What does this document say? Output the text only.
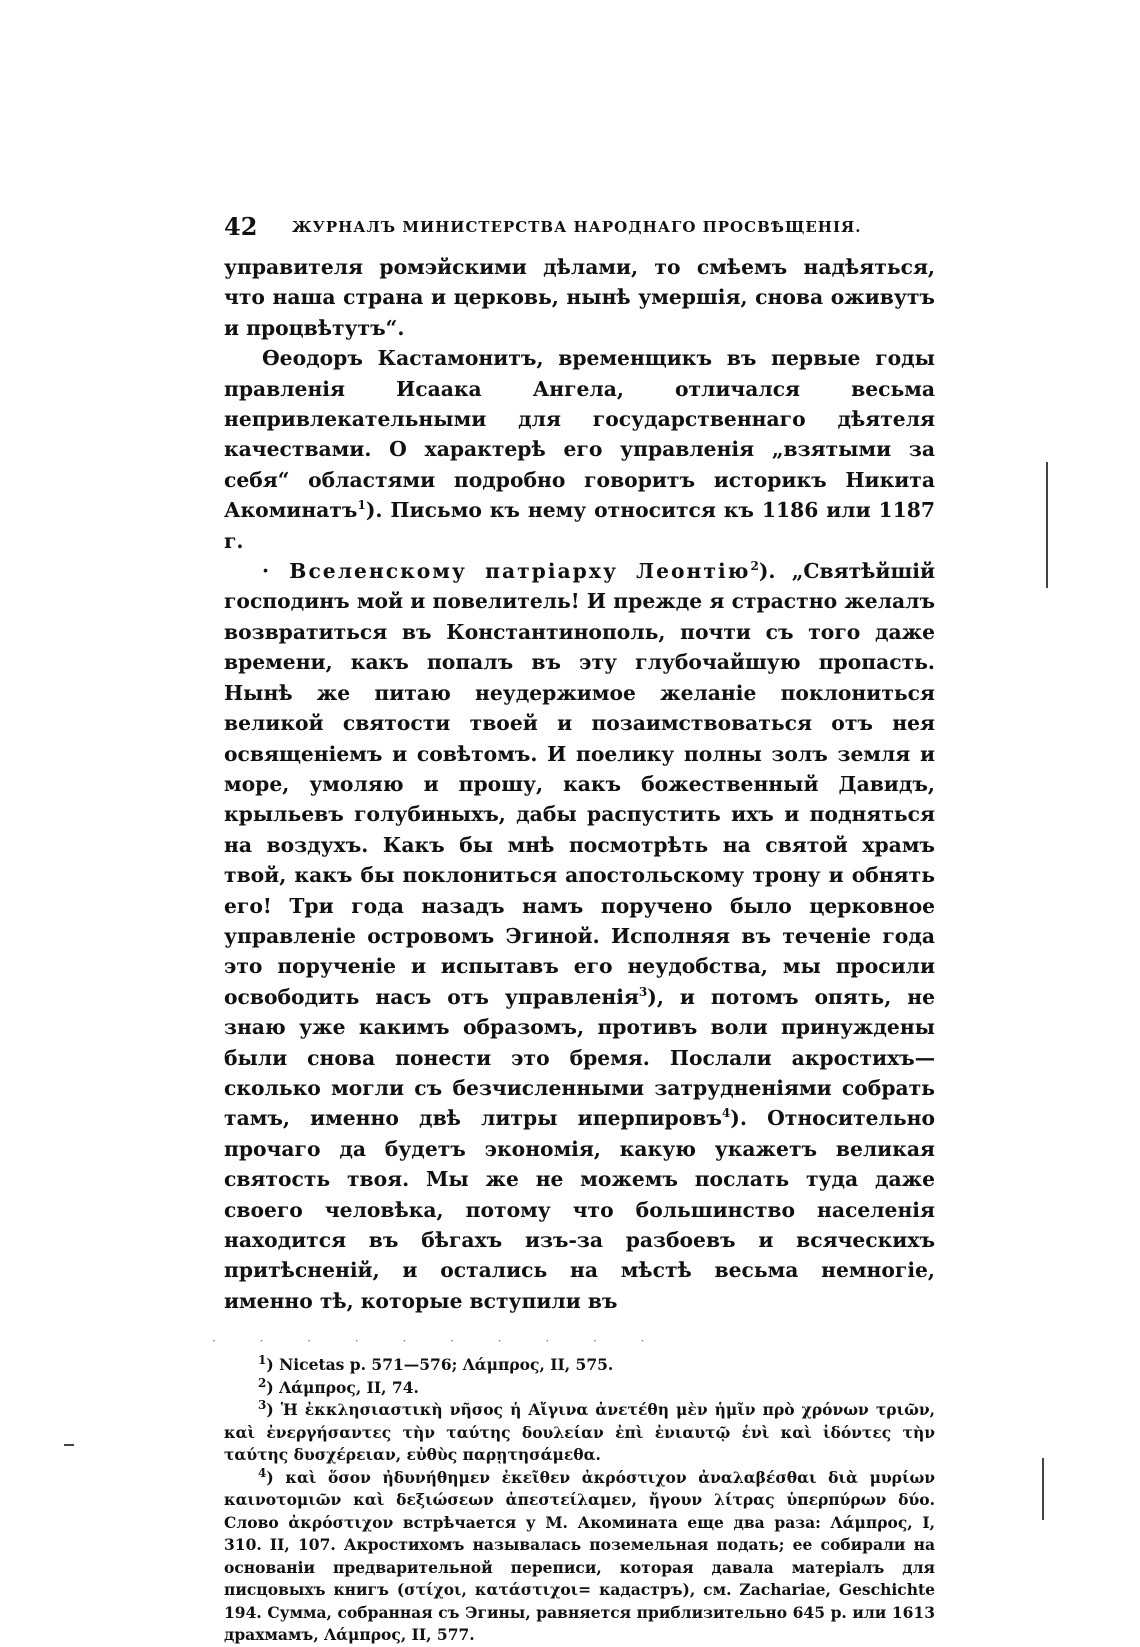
42 ЖУРНАЛЪ МИНИСТЕРСТВА НАРОДНАГО ПРОСВѢЩЕНІЯ.

управителя ромэйскими дѣлами, то смѣемъ надѣяться, что наша страна и церковь, нынѣ умершія, снова оживутъ и процвѣтутъ“.

Ѳеодоръ Кастамонитъ, временщикъ въ первые годы правленія Исаака Ангела, отличался весьма непривлекательными для государственнаго дѣятеля качествами. О характерѣ его управленія „взятыми за себя“ областями подробно говоритъ историкъ Никита Акоминатъ$^1$). Письмо къ нему относится къ 1186 или 1187 г.

· Вселенскому патріарху Леонтію$^2$). „Святѣйшій господинъ мой и повелитель! И прежде я страстно желалъ возвратиться въ Константинополь, почти съ того даже времени, какъ попалъ въ эту глубочайшую пропасть. Нынѣ же питаю неудержимое желаніе поклониться великой святости твоей и позаимствоваться отъ нея освященіемъ и совѣтомъ. И поелику полны золъ земля и море, умоляю и прошу, какъ божественный Давидъ, крыльевъ голубиныхъ, дабы распустить ихъ и подняться на воздухъ. Какъ бы мнѣ посмотрѣть на святой храмъ твой, какъ бы поклониться апостольскому трону и обнять его! Три года назадъ намъ поручено было церковное управленіе островомъ Эгиной. Исполняя въ теченіе года это порученіе и испытавъ его неудобства, мы просили освободить насъ отъ управленія$^3$), и потомъ опять, не знаю уже какимъ образомъ, противъ воли принуждены были снова понести это бремя. Послали акростихъ—сколько могли съ безчисленными затрудненіями собрать тамъ, именно двѣ литры иперпировъ$^4$). Относительно прочаго да будетъ экономія, какую укажетъ великая святость твоя. Мы же не можемъ послать туда даже своего человѣка, потому что большинство населенія находится въ бѣгахъ изъ-за разбоевъ и всяческихъ притѣсненій, и остались на мѣстѣ весьма немногіе, именно тѣ, которые вступили въ

· · · · · · · · · ·

$^1$) Nicetas p. 571—576; Λάμπρος, II, 575.

$^2$) Λάμπρος, II, 74.

$^3$) Ἡ ἐκκλησιαστικὴ νῆσος ἡ Αἴγινα ἀνετέθη μὲν ἡμῖν πρὸ χρόνων τριῶν, καὶ ἐνεργήσαντες τὴν ταύτης δουλείαν ἐπὶ ἐνιαυτῷ ἑνὶ καὶ ἰδόντες τὴν ταύτης δυσχέρειαν, εὐθὺς παρῃτησάμεθα.

$^4$) καὶ ὅσον ἠδυνήθημεν ἐκεῖθεν ἀκρόστιχον ἀναλαβέσθαι διὰ μυρίων καινοτομιῶν καὶ δεξιώσεων ἀπεστείλαμεν, ἤγουν λίτρας ὑπερπύρων δύο. Слово ἀκρόστιχον встрѣчается у М. Акомината еще два раза: Λάμπρος, I, 310. II, 107. Акростихомъ называлась поземельная подать; ее собирали на основаніи предварительной переписи, которая давала матеріалъ для писцовыхъ книгъ (στίχοι, κατάστιχοι= кадастръ), см. Zachariae, Geschichte 194. Сумма, собранная съ Эгины, равняется приблизительно 645 р. или 1613 драхмамъ, Λάμπρος, II, 577.
